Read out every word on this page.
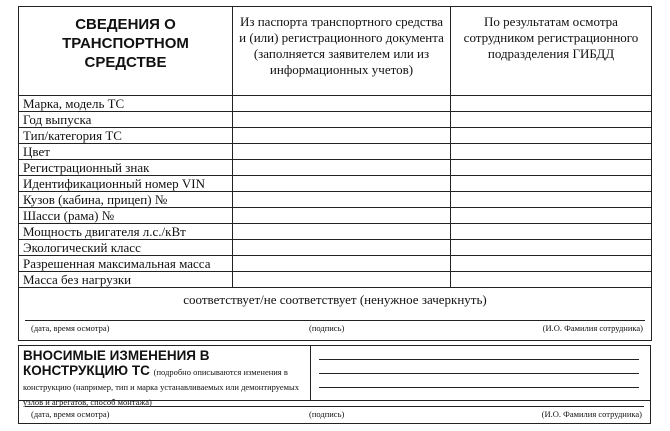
СВЕДЕНИЯ О ТРАНСПОРТНОМ СРЕДСТВЕ	Из паспорта транспортного средства и (или) регистрационного документа (заполняется заявителем или из информационных учетов)	По результатам осмотра сотрудником регистрационного подразделения ГИБДД
Марка, модель ТС		
Год выпуска		
Тип/категория ТС		
Цвет		
Регистрационный знак		
Идентификационный номер VIN		
Кузов (кабина, прицеп) №		
Шасси (рама) №		
Мощность двигателя л.с./кВт		
Экологический класс		
Разрешенная максимальная масса		
Масса без нагрузки		

соответствует/не соответствует (ненужное зачеркнуть)
(дата, время осмотра) (подпись) (И.О. Фамилия сотрудника)		
ВНОСИМЫЕ ИЗМЕНЕНИЯ В КОНСТРУКЦИЮ ТС (подробно описываются изменения в конструкцию (например, тип и марка устанавливаемых или демонтируемых узлов и агрегатов, способ монтажа)
(дата, время осмотра)	(подпись)	(И.О. Фамилия сотрудника)
